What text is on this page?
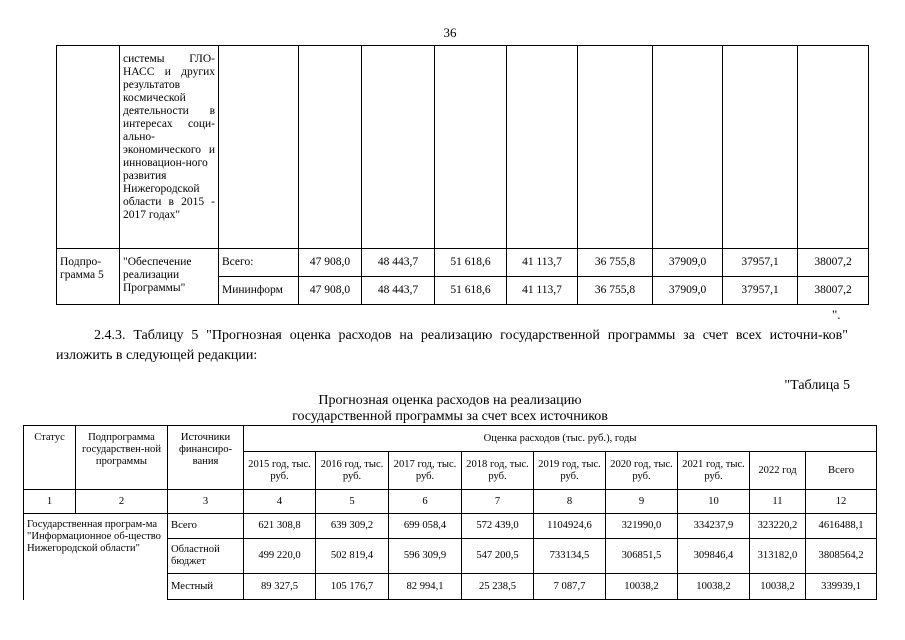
36
	системы ГЛО-НАСС и других результатов космической деятельности в интересах соци-ально-экономического и инновацион-ного развития Нижегородской области в 2015 - 2017 годах"									
Подпро-грамма 5	"Обеспечение реализации Программы"	Всего:	47 908,0	48 443,7	51 618,6	41 113,7	36 755,8	37909,0	37957,1	38007,2
		Мининформ	47 908,0	48 443,7	51 618,6	41 113,7	36 755,8	37909,0	37957,1	38007,2
".
2.4.3. Таблицу 5 "Прогнозная оценка расходов на реализацию государственной программы за счет всех источни-ков" изложить в следующей редакции:
"Таблица 5
Прогнозная оценка расходов на реализацию
государственной программы за счет всех источников
Статус	Подпрограмма государствен-ной программы	Источники финансиро-вания	Оценка расходов (тыс. руб.), годы								
			2015 год, тыс. руб.	2016 год, тыс. руб.	2017 год, тыс. руб.	2018 год, тыс. руб.	2019 год, тыс. руб.	2020 год, тыс. руб.	2021 год, тыс. руб.	2022 год	Всего
1	2	3	4	5	6	7	8	9	10	11	12
Государственная програм-ма "Информационное об-щество Нижегородской области"		Всего	621 308,8	639 309,2	699 058,4	572 439,0	1104924,6	321990,0	334237,9	323220,2	4616488,1
		Областной бюджет	499 220,0	502 819,4	596 309,9	547 200,5	733134,5	306851,5	309846,4	313182,0	3808564,2
		Местный	89 327,5	105 176,7	82 994,1	25 238,5	7 087,7	10038,2	10038,2	10038,2	339939,1
